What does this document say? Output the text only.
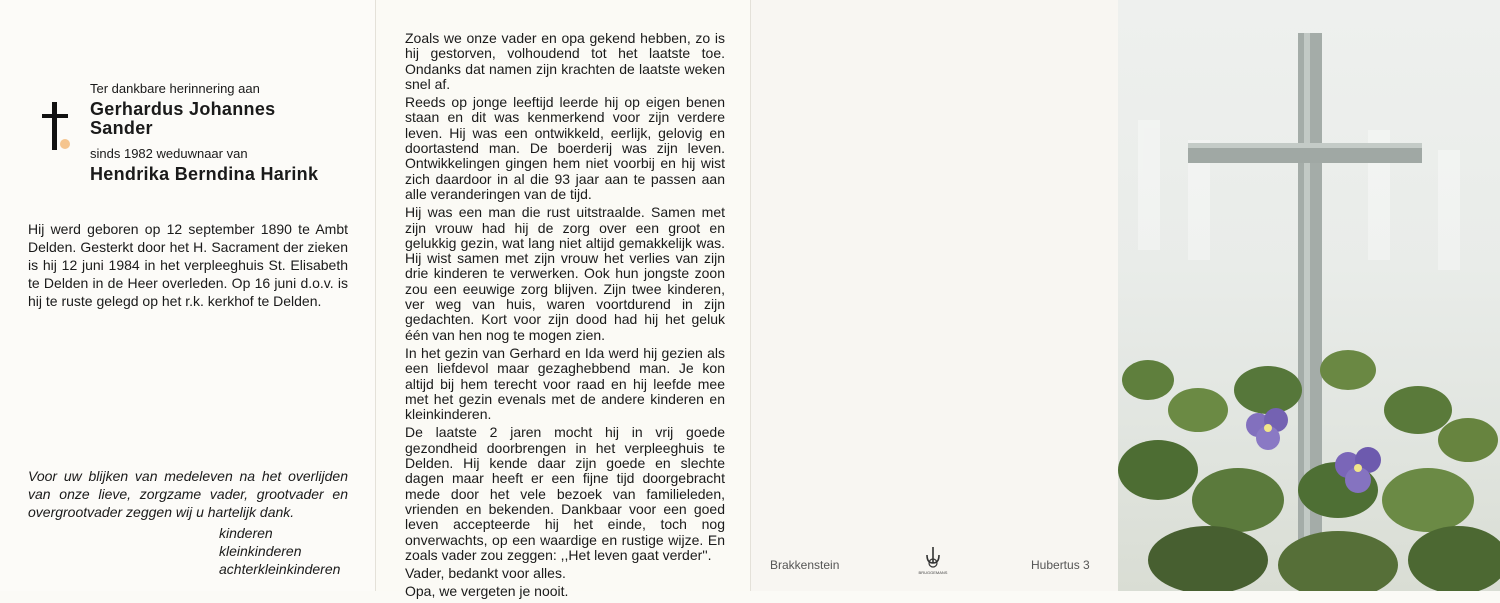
Ter dankbare herinnering aan
Gerhardus Johannes
Sander
sinds 1982 weduwnaar van
Hendrika Berndina Harink
Hij werd geboren op 12 september 1890 te Ambt Delden. Gesterkt door het H. Sacrament der zieken is hij 12 juni 1984 in het verpleeghuis St. Elisabeth te Delden in de Heer overleden. Op 16 juni d.o.v. is hij te ruste gelegd op het r.k. kerkhof te Delden.
Voor uw blijken van medeleven na het overlijden van onze lieve, zorgzame vader, grootvader en overgrootvader zeggen wij u hartelijk dank.
kinderen
kleinkinderen
achterkleinkinderen

Zoals we onze vader en opa gekend hebben, zo is hij gestorven, volhoudend tot het laatste toe. Ondanks dat namen zijn krachten de laatste weken snel af.

Reeds op jonge leeftijd leerde hij op eigen benen staan en dit was kenmerkend voor zijn verdere leven. Hij was een ontwikkeld, eerlijk, gelovig en doortastend man. De boerderij was zijn leven. Ontwikkelingen gingen hem niet voorbij en hij wist zich daardoor in al die 93 jaar aan te passen aan alle veranderingen van de tijd.

Hij was een man die rust uitstraalde. Samen met zijn vrouw had hij de zorg over een groot en gelukkig gezin, wat lang niet altijd gemakkelijk was. Hij wist samen met zijn vrouw het verlies van zijn drie kinderen te verwerken. Ook hun jongste zoon zou een eeuwige zorg blijven. Zijn twee kinderen, ver weg van huis, waren voortdurend in zijn gedachten. Kort voor zijn dood had hij het geluk één van hen nog te mogen zien.

In het gezin van Gerhard en Ida werd hij gezien als een liefdevol maar gezaghebbend man. Je kon altijd bij hem terecht voor raad en hij leefde mee met het gezin evenals met de andere kinderen en kleinkinderen.

De laatste 2 jaren mocht hij in vrij goede gezondheid doorbrengen in het verpleeghuis te Delden. Hij kende daar zijn goede en slechte dagen maar heeft er een fijne tijd doorgebracht mede door het vele bezoek van familieleden, vrienden en bekenden. Dankbaar voor een goed leven accepteerde hij het einde, toch nog onverwachts, op een waardige en rustige wijze. En zoals vader zou zeggen: ,,Het leven gaat verder''.

Vader, bedankt voor alles.

Opa, we vergeten je nooit.

Brakkenstein
BRUGGEMANS
Hubertus 3
